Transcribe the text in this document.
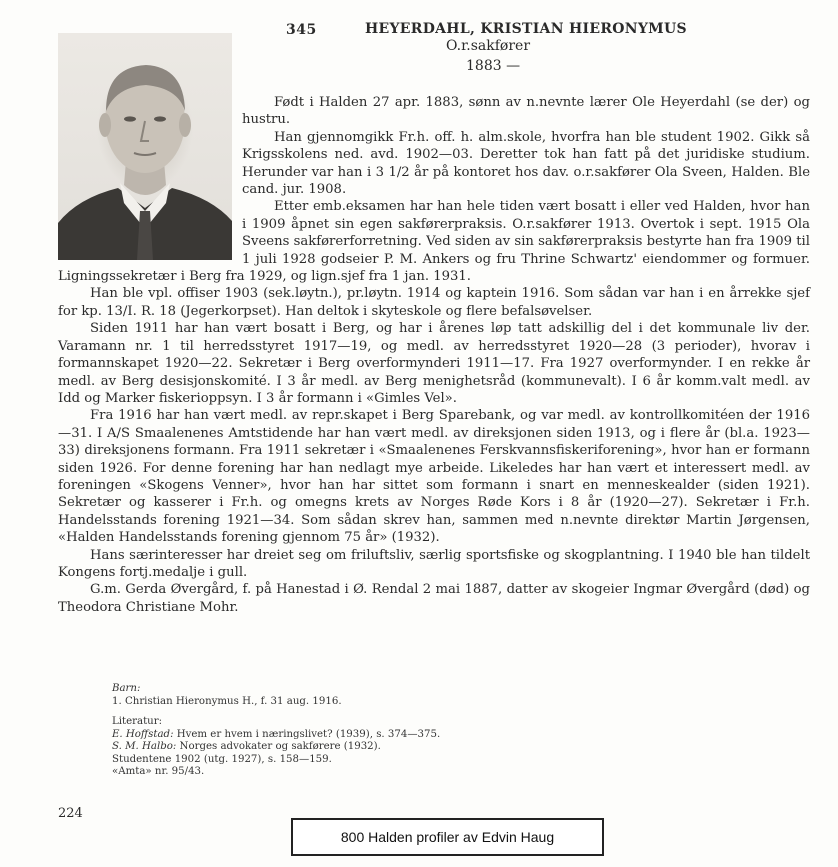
345	HEYERDAHL, KRISTIAN HIERONYMUS
O.r.sakfører
1883 —

Født i Halden 27 apr. 1883, sønn av n.nevnte lærer Ole Heyerdahl (se der) og hustru.

Han gjennomgikk Fr.h. off. h. alm.skole, hvorfra han ble student 1902. Gikk så Krigsskolens ned. avd. 1902—03. Deretter tok han fatt på det juridiske studium. Herunder var han i 3 1/2 år på kontoret hos dav. o.r.sakfører Ola Sveen, Halden. Ble cand. jur. 1908.

Etter emb.eksamen har han hele tiden vært bosatt i eller ved Halden, hvor han i 1909 åpnet sin egen sakførerpraksis. O.r.sakfører 1913. Overtok i sept. 1915 Ola Sveens sakførerforretning. Ved siden av sin sakførerpraksis bestyrte han fra 1909 til 1 juli 1928 godseier P. M. Ankers og fru Thrine Schwartz' eiendommer og formuer. Ligningssekretær i Berg fra 1929, og lign.sjef fra 1 jan. 1931.

Han ble vpl. offiser 1903 (sek.løytn.), pr.løytn. 1914 og kaptein 1916. Som sådan var han i en årrekke sjef for kp. 13/I. R. 18 (Jegerkorpset). Han deltok i skyteskole og flere befalsøvelser.

Siden 1911 har han vært bosatt i Berg, og har i årenes løp tatt adskillig del i det kommunale liv der. Varamann nr. 1 til herredsstyret 1917—19, og medl. av herredsstyret 1920—28 (3 perioder), hvorav i formannskapet 1920—22. Sekretær i Berg overformynderi 1911—17. Fra 1927 overformynder. I en rekke år medl. av Berg desisjonskomité. I 3 år medl. av Berg menighetsråd (kommunevalt). I 6 år komm.valt medl. av Idd og Marker fiskerioppsyn. I 3 år formann i «Gimles Vel».

Fra 1916 har han vært medl. av repr.skapet i Berg Sparebank, og var medl. av kontrollkomitéen der 1916—31. I A/S Smaalenenes Amtstidende har han vært medl. av direksjonen siden 1913, og i flere år (bl.a. 1923—33) direksjonens formann. Fra 1911 sekretær i «Smaalenenes Ferskvannsfiskeriforening», hvor han er formann siden 1926. For denne forening har han nedlagt mye arbeide. Likeledes har han vært et interessert medl. av foreningen «Skogens Venner», hvor han har sittet som formann i snart en menneskealder (siden 1921). Sekretær og kasserer i Fr.h. og omegns krets av Norges Røde Kors i 8 år (1920—27). Sekretær i Fr.h. Handelsstands forening 1921—34. Som sådan skrev han, sammen med n.nevnte direktør Martin Jørgensen, «Halden Handelsstands forening gjennom 75 år» (1932).

Hans særinteresser har dreiet seg om friluftsliv, særlig sportsfiske og skogplantning. I 1940 ble han tildelt Kongens fortj.medalje i gull.

G.m. Gerda Øvergård, f. på Hanestad i Ø. Rendal 2 mai 1887, datter av skogeier Ingmar Øvergård (død) og Theodora Christiane Mohr.

Barn:
1. Christian Hieronymus H., f. 31 aug. 1916.
Literatur:
E. Hoffstad: Hvem er hvem i næringslivet? (1939), s. 374—375.
S. M. Halbo: Norges advokater og sakførere (1932).
Studentene 1902 (utg. 1927), s. 158—159.
«Amta» nr. 95/43.
224
800 Halden profiler av Edvin Haug
